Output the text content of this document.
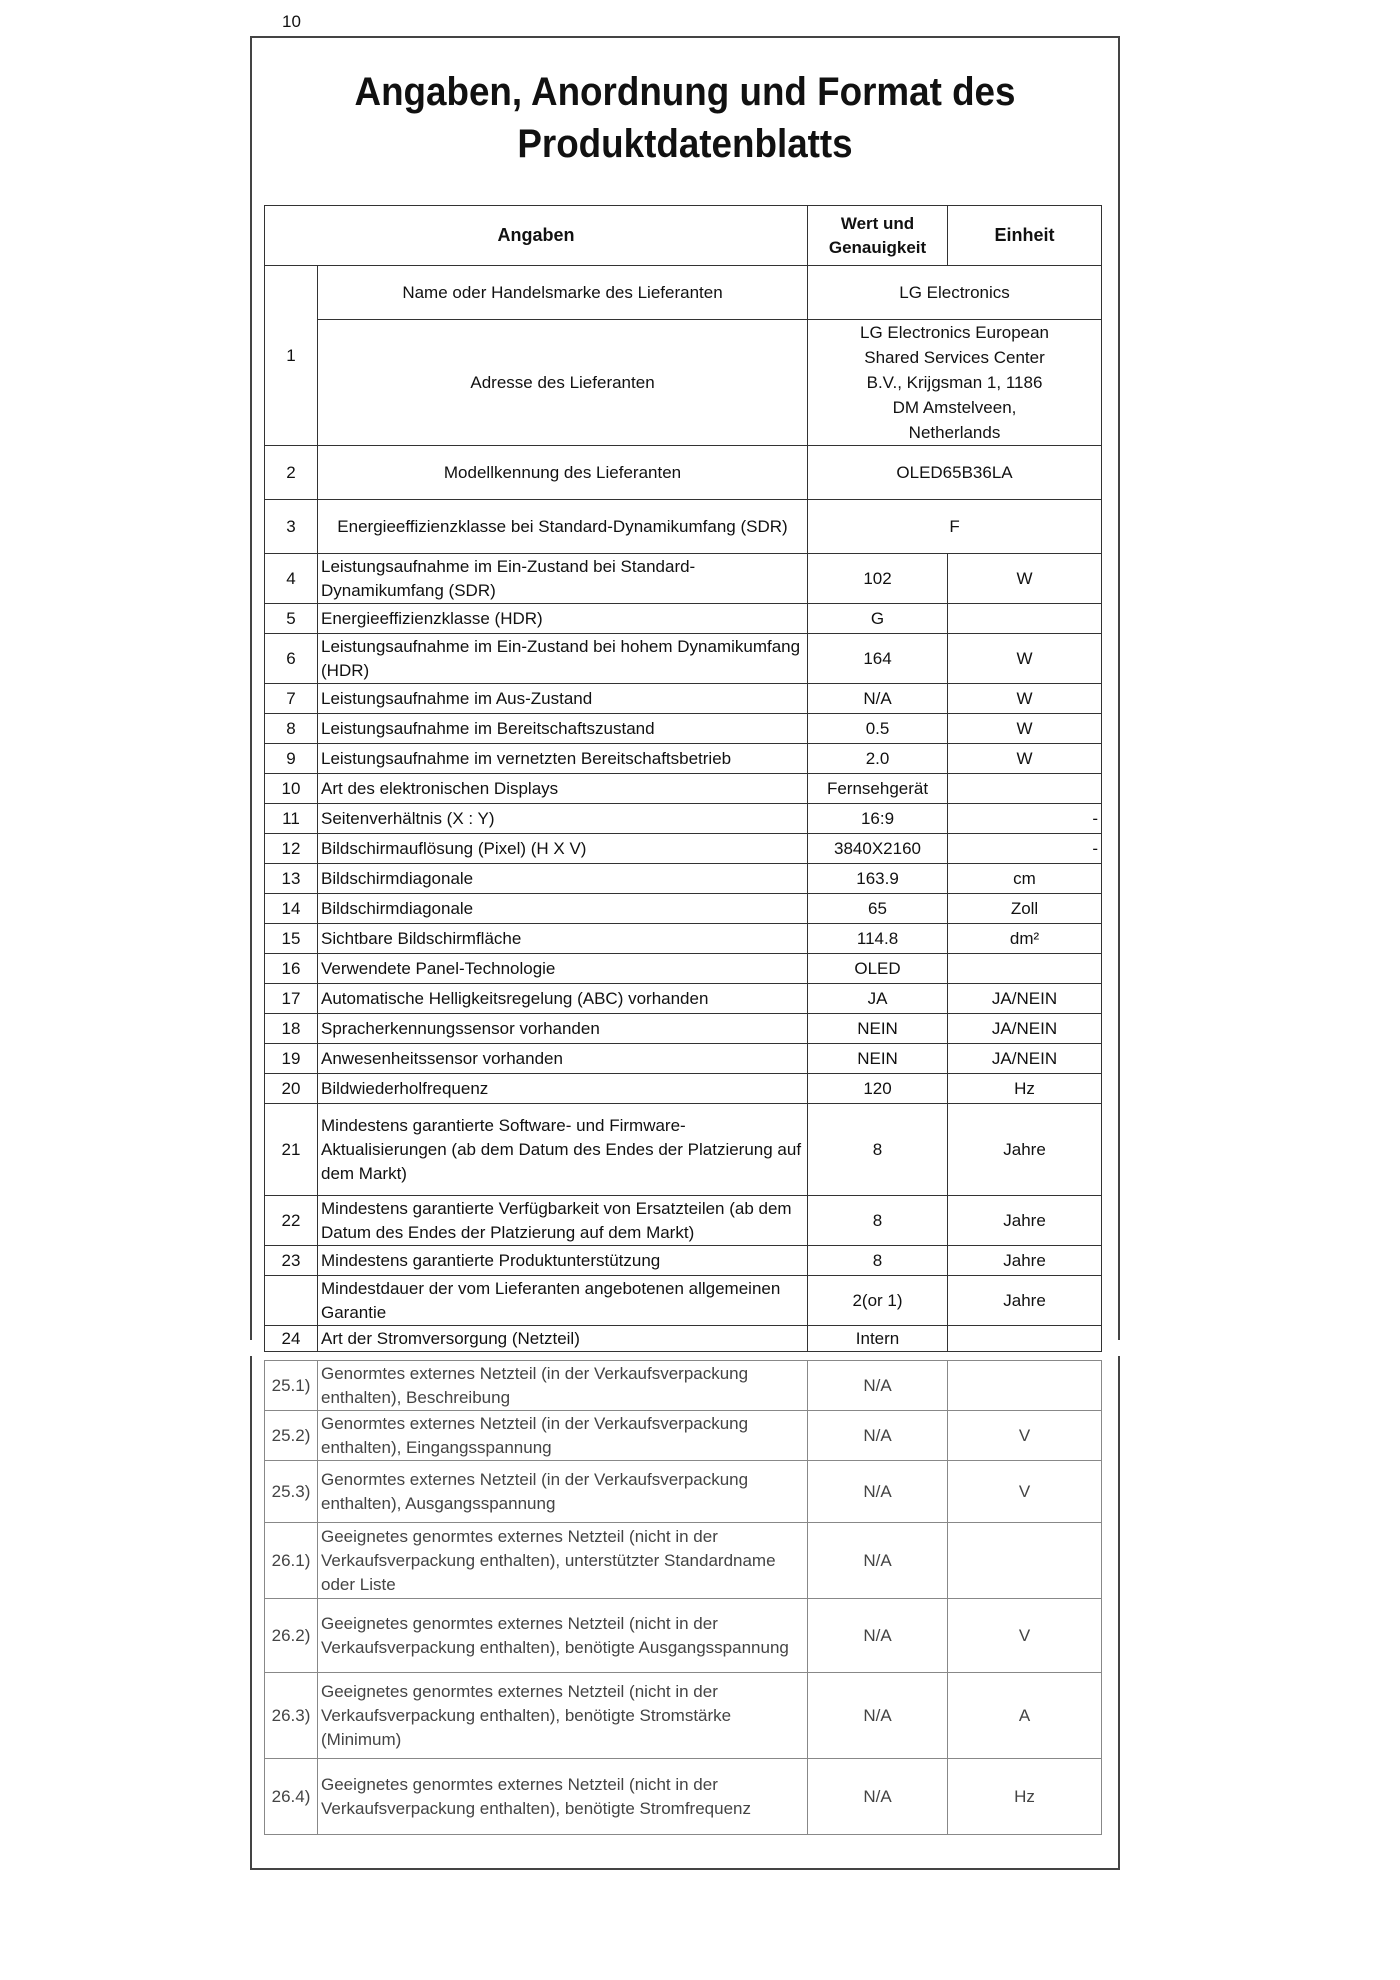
10
Angaben, Anordnung und Format des
Produktdatenblatts
Angaben		Wert und Genauigkeit	Einheit
1	Name oder Handelsmarke des Lieferanten	LG Electronics	
	Adresse des Lieferanten	LG Electronics European Shared Services Center B.V., Krijgsman 1, 1186 DM Amstelveen, Netherlands	
2	Modellkennung des Lieferanten	OLED65B36LA	
3	Energieeffizienzklasse bei Standard-Dynamikumfang (SDR)	F	
4	Leistungsaufnahme im Ein-Zustand bei Standard-Dynamikumfang (SDR)	102	W
5	Energieeffizienzklasse (HDR)	G	
6	Leistungsaufnahme im Ein-Zustand bei hohem Dynamikumfang (HDR)	164	W
7	Leistungsaufnahme im Aus-Zustand	N/A	W
8	Leistungsaufnahme im Bereitschaftszustand	0.5	W
9	Leistungsaufnahme im vernetzten Bereitschaftsbetrieb	2.0	W
10	Art des elektronischen Displays	Fernsehgerät	
11	Seitenverhältnis (X : Y)	16:9	-
12	Bildschirmauflösung (Pixel) (H X V)	3840X2160	-
13	Bildschirmdiagonale	163.9	cm
14	Bildschirmdiagonale	65	Zoll
15	Sichtbare Bildschirmfläche	114.8	dm²
16	Verwendete Panel-Technologie	OLED	
17	Automatische Helligkeitsregelung (ABC) vorhanden	JA	JA/NEIN
18	Spracherkennungssensor vorhanden	NEIN	JA/NEIN
19	Anwesenheitssensor vorhanden	NEIN	JA/NEIN
20	Bildwiederholfrequenz	120	Hz
21	Mindestens garantierte Software- und Firmware-Aktualisierungen (ab dem Datum des Endes der Platzierung auf dem Markt)	8	Jahre
22	Mindestens garantierte Verfügbarkeit von Ersatzteilen (ab dem Datum des Endes der Platzierung auf dem Markt)	8	Jahre
23	Mindestens garantierte Produktunterstützung	8	Jahre
	Mindestdauer der vom Lieferanten angebotenen allgemeinen Garantie	2(or 1)	Jahre
24	Art der Stromversorgung (Netzteil)	Intern	
25.1)	Genormtes externes Netzteil (in der Verkaufsverpackung enthalten), Beschreibung	N/A	
25.2)	Genormtes externes Netzteil (in der Verkaufsverpackung enthalten), Eingangsspannung	N/A	V
25.3)	Genormtes externes Netzteil (in der Verkaufsverpackung enthalten), Ausgangsspannung	N/A	V
26.1)	Geeignetes genormtes externes Netzteil (nicht in der Verkaufsverpackung enthalten), unterstützter Standardname oder Liste	N/A	
26.2)	Geeignetes genormtes externes Netzteil (nicht in der Verkaufsverpackung enthalten), benötigte Ausgangsspannung	N/A	V
26.3)	Geeignetes genormtes externes Netzteil (nicht in der Verkaufsverpackung enthalten), benötigte Stromstärke (Minimum)	N/A	A
26.4)	Geeignetes genormtes externes Netzteil (nicht in der Verkaufsverpackung enthalten), benötigte Stromfrequenz	N/A	Hz
